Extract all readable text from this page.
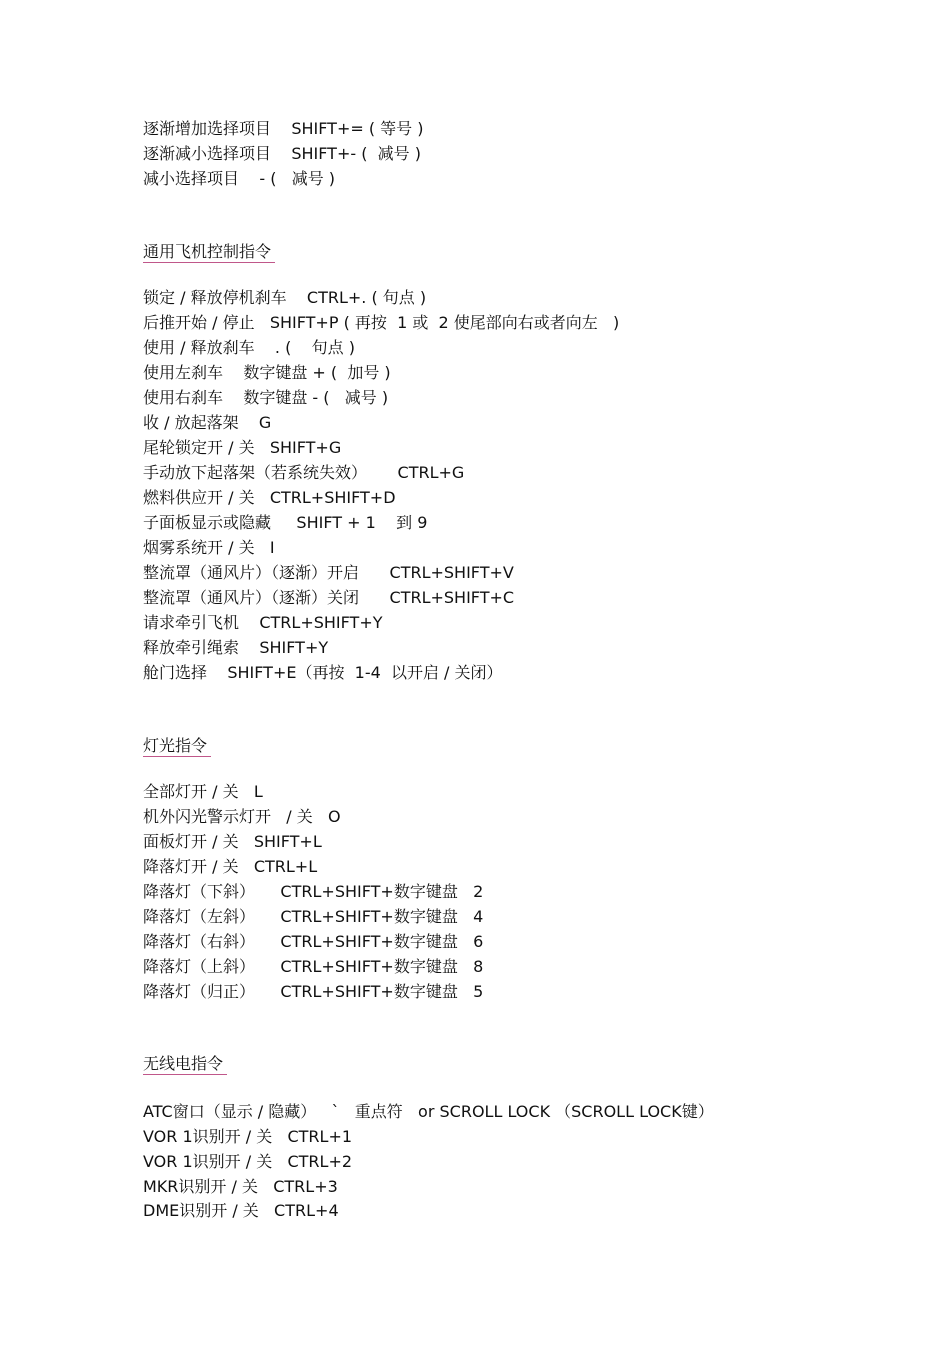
逐渐增加选择项目    SHIFT+= ( 等号 )
逐渐减小选择项目    SHIFT+- (  减号 )
减小选择项目    - (   减号 )
通用飞机控制指令
锁定 / 释放停机刹车    CTRL+. ( 句点 )
后推开始 / 停止   SHIFT+P ( 再按  1 或  2 使尾部向右或者向左   )
使用 / 释放刹车    . (    句点 )
使用左刹车    数字键盘 + (  加号 )
使用右刹车    数字键盘 - (   减号 )
收 / 放起落架    G
尾轮锁定开 / 关   SHIFT+G
手动放下起落架（若系统失效）      CTRL+G
燃料供应开 / 关   CTRL+SHIFT+D
子面板显示或隐藏     SHIFT + 1    到 9
烟雾系统开 / 关   I
整流罩（通风片）（逐渐）开启      CTRL+SHIFT+V
整流罩（通风片）（逐渐）关闭      CTRL+SHIFT+C
请求牵引飞机    CTRL+SHIFT+Y
释放牵引绳索    SHIFT+Y
舱门选择    SHIFT+E（再按  1-4  以开启 / 关闭）
灯光指令
全部灯开 / 关   L
机外闪光警示灯开   / 关   O
面板灯开 / 关   SHIFT+L
降落灯开 / 关   CTRL+L
降落灯（下斜）     CTRL+SHIFT+数字键盘   2
降落灯（左斜）     CTRL+SHIFT+数字键盘   4
降落灯（右斜）     CTRL+SHIFT+数字键盘   6
降落灯（上斜）     CTRL+SHIFT+数字键盘   8
降落灯（归正）     CTRL+SHIFT+数字键盘   5
无线电指令
ATC窗口（显示 / 隐藏）   `   重点符   or SCROLL LOCK （SCROLL LOCK键）
VOR 1识别开 / 关   CTRL+1
VOR 1识别开 / 关   CTRL+2
MKR识别开 / 关   CTRL+3
DME识别开 / 关   CTRL+4
